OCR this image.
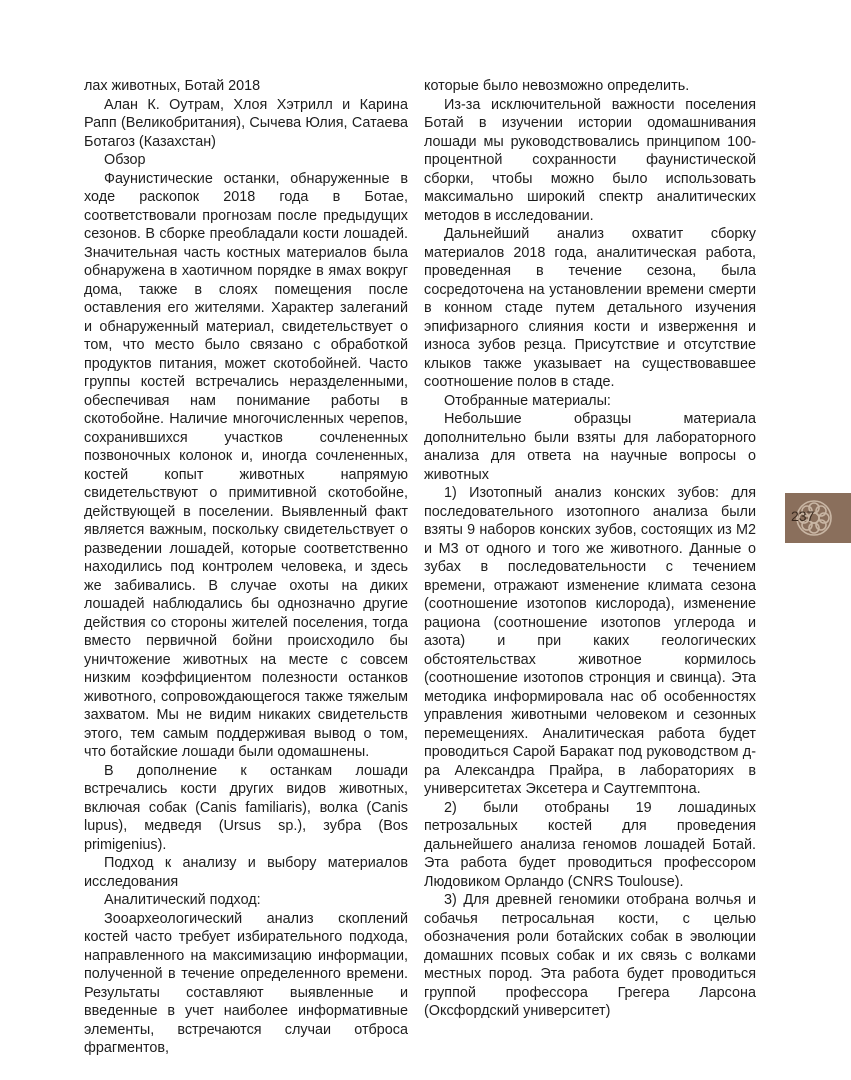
лах животных, Ботай 2018

Алан К. Оутрам, Хлоя Хэтрилл и Карина Рапп (Великобритания), Сычева Юлия, Сатаева Ботагоз (Казахстан)

Обзор

Фаунистические останки, обнаруженные в ходе раскопок 2018 года в Ботае, соответствовали прогнозам после предыдущих сезонов. В сборке преобладали кости лошадей. Значительная часть костных материалов была обнаружена в хаотичном порядке в ямах вокруг дома, также в слоях помещения после оставления его жителями. Характер залеганий и обнаруженный материал, свидетельствует о том, что место было связано с обработкой продуктов питания, может скотобойней. Часто группы костей встречались неразделенными, обеспечивая нам понимание работы в скотобойне. Наличие многочисленных черепов, сохранившихся участков сочлененных позвоночных колонок и, иногда сочлененных, костей копыт животных напрямую свидетельствуют о примитивной скотобойне, действующей в поселении. Выявленный факт является важным, поскольку свидетельствует о разведении лошадей, которые соответственно находились под контролем человека, и здесь же забивались. В случае охоты на диких лошадей наблюдались бы однозначно другие действия со стороны жителей поселения, тогда вместо первичной бойни происходило бы уничтожение животных на месте с совсем низким коэффициентом полезности останков животного, сопровождающегося также тяжелым захватом. Мы не видим никаких свидетельств этого, тем самым поддерживая вывод о том, что ботайские лошади были одомашнены.

В дополнение к останкам лошади встречались кости других видов животных, включая собак (Canis familiaris), волка (Canis lupus), медведя (Ursus sp.), зубра (Bos primigenius).

Подход к анализу и выбору материалов исследования

Аналитический подход:

Зооархеологический анализ скоплений костей часто требует избирательного подхода, направленного на максимизацию информации, полученной в течение определенного времени. Результаты составляют выявленные и введенные в учет наиболее информативные элементы, встречаются случаи отброса фрагментов,

которые было невозможно определить.

Из-за исключительной важности поселения Ботай в изучении истории одомашнивания лошади мы руководствовались принципом 100-процентной сохранности фаунистической сборки, чтобы можно было использовать максимально широкий спектр аналитических методов в исследовании.

Дальнейший анализ охватит сборку материалов 2018 года, аналитическая работа, проведенная в течение сезона, была сосредоточена на установлении времени смерти в конном стаде путем детального изучения эпифизарного слияния кости и изверження и износа зубов резца. Присутствие и отсутствие клыков также указывает на существовавшее соотношение полов в стаде.

Отобранные материалы:

Небольшие образцы материала дополнительно были взяты для лабораторного анализа для ответа на научные вопросы о животных

1) Изотопный анализ конских зубов: для последовательного изотопного анализа были взяты 9 наборов конских зубов, состоящих из M2 и M3 от одного и того же животного. Данные о зубах в последовательности с течением времени, отражают изменение климата сезона (соотношение изотопов кислорода), изменение рациона (соотношение изотопов углерода и азота) и при каких геологических обстоятельствах животное кормилось (соотношение изотопов стронция и свинца). Эта методика информировала нас об особенностях управления животными человеком и сезонных перемещениях. Аналитическая работа будет проводиться Сарой Баракат под руководством д-ра Александра Прайра, в лабораториях в университетах Эксетера и Саутгемптона.

2) были отобраны 19 лошадиных петрозальных костей для проведения дальнейшего анализа геномов лошадей Ботай. Эта работа будет проводиться профессором Людовиком Орландо (CNRS Toulouse).

3) Для древней геномики отобрана волчья и собачья петросальная кости, с целью обозначения роли ботайских собак в эволюции домашних псовых собак и их связь с волками местных пород. Эта работа будет проводиться группой профессора Грегера Ларсона (Оксфордский университет)

237
